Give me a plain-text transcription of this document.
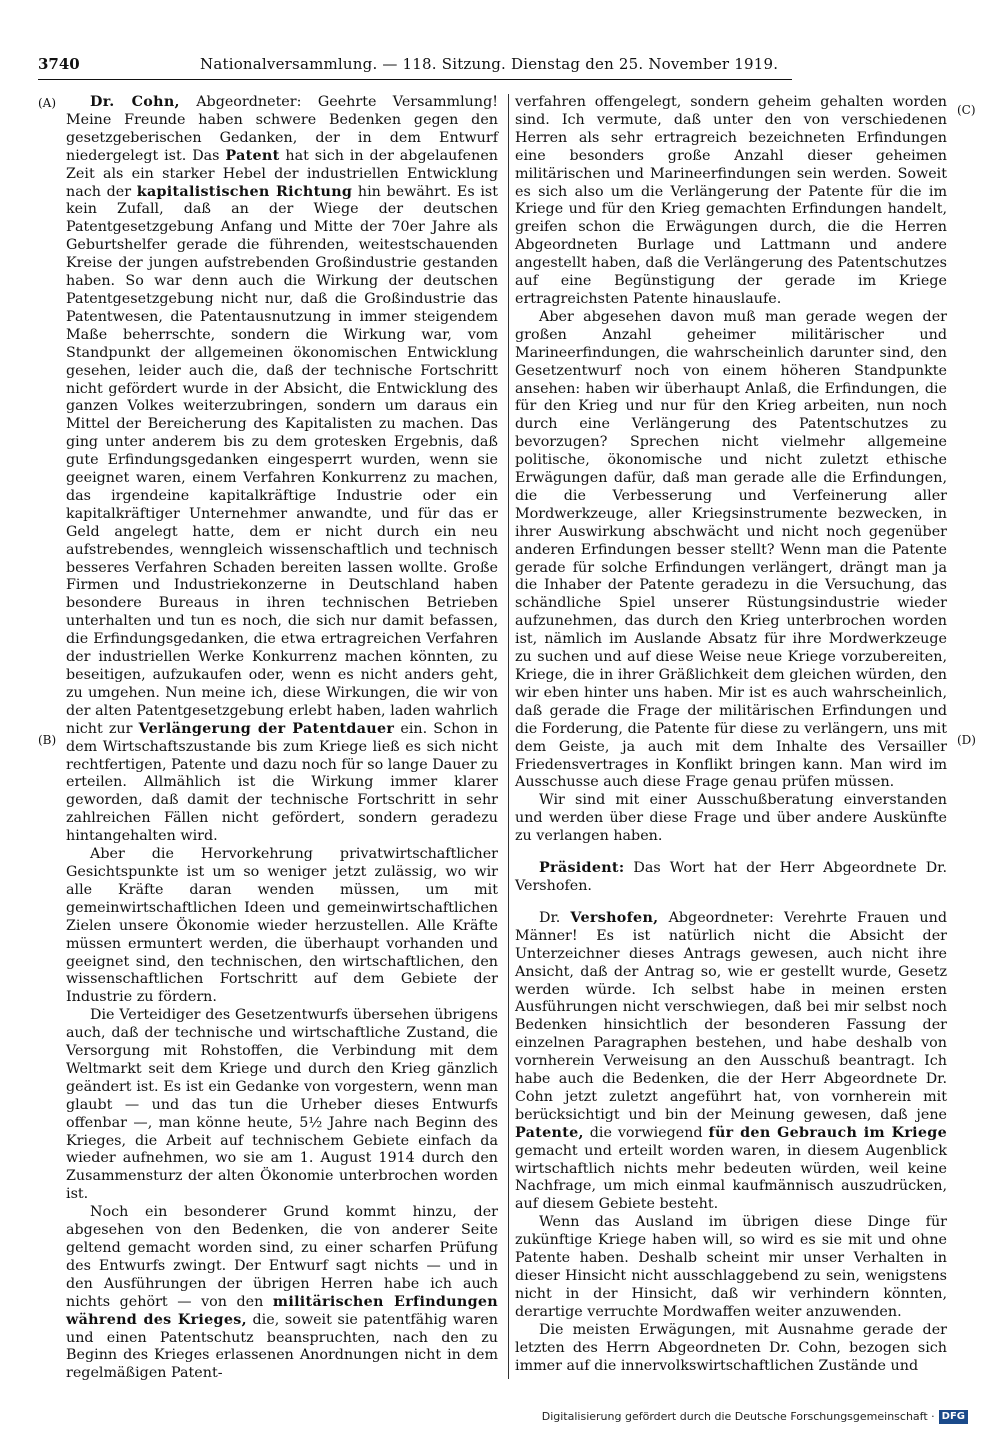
3740	Nationalversammlung. — 118. Sitzung. Dienstag den 25. November 1919.
(A)
(B)
(C)
(D)

Dr. Cohn, Abgeordneter: Geehrte Versammlung! Meine Freunde haben schwere Bedenken gegen den gesetzgeberischen Gedanken, der in dem Entwurf niedergelegt ist. Das Patent hat sich in der abgelaufenen Zeit als ein starker Hebel der industriellen Entwicklung nach der kapitalistischen Richtung hin bewährt. Es ist kein Zufall, daß an der Wiege der deutschen Patentgesetzgebung Anfang und Mitte der 70er Jahre als Geburtshelfer gerade die führenden, weitestschauenden Kreise der jungen aufstrebenden Großindustrie gestanden haben. So war denn auch die Wirkung der deutschen Patentgesetzgebung nicht nur, daß die Großindustrie das Patentwesen, die Patentausnutzung in immer steigendem Maße beherrschte, sondern die Wirkung war, vom Standpunkt der allgemeinen ökonomischen Entwicklung gesehen, leider auch die, daß der technische Fortschritt nicht gefördert wurde in der Absicht, die Entwicklung des ganzen Volkes weiterzubringen, sondern um daraus ein Mittel der Bereicherung des Kapitalisten zu machen. Das ging unter anderem bis zu dem grotesken Ergebnis, daß gute Erfindungsgedanken eingesperrt wurden, wenn sie geeignet waren, einem Verfahren Konkurrenz zu machen, das irgendeine kapitalkräftige Industrie oder ein kapitalkräftiger Unternehmer anwandte, und für das er Geld angelegt hatte, dem er nicht durch ein neu aufstrebendes, wenngleich wissenschaftlich und technisch besseres Verfahren Schaden bereiten lassen wollte. Große Firmen und Industriekonzerne in Deutschland haben besondere Bureaus in ihren technischen Betrieben unterhalten und tun es noch, die sich nur damit befassen, die Erfindungsgedanken, die etwa ertragreichen Verfahren der industriellen Werke Konkurrenz machen könnten, zu beseitigen, aufzukaufen oder, wenn es nicht anders geht, zu umgehen. Nun meine ich, diese Wirkungen, die wir von der alten Patentgesetzgebung erlebt haben, laden wahrlich nicht zur Verlängerung der Patentdauer ein. Schon in dem Wirtschaftszustande bis zum Kriege ließ es sich nicht rechtfertigen, Patente und dazu noch für so lange Dauer zu erteilen. Allmählich ist die Wirkung immer klarer geworden, daß damit der technische Fortschritt in sehr zahlreichen Fällen nicht gefördert, sondern geradezu hintangehalten wird.

Aber die Hervorkehrung privatwirtschaftlicher Gesichtspunkte ist um so weniger jetzt zulässig, wo wir alle Kräfte daran wenden müssen, um mit gemeinwirtschaftlichen Ideen und gemeinwirtschaftlichen Zielen unsere Ökonomie wieder herzustellen. Alle Kräfte müssen ermuntert werden, die überhaupt vorhanden und geeignet sind, den technischen, den wirtschaftlichen, den wissenschaftlichen Fortschritt auf dem Gebiete der Industrie zu fördern.

Die Verteidiger des Gesetzentwurfs übersehen übrigens auch, daß der technische und wirtschaftliche Zustand, die Versorgung mit Rohstoffen, die Verbindung mit dem Weltmarkt seit dem Kriege und durch den Krieg gänzlich geändert ist. Es ist ein Gedanke von vorgestern, wenn man glaubt — und das tun die Urheber dieses Entwurfs offenbar —, man könne heute, 5½ Jahre nach Beginn des Krieges, die Arbeit auf technischem Gebiete einfach da wieder aufnehmen, wo sie am 1. August 1914 durch den Zusammensturz der alten Ökonomie unterbrochen worden ist.

Noch ein besonderer Grund kommt hinzu, der abgesehen von den Bedenken, die von anderer Seite geltend gemacht worden sind, zu einer scharfen Prüfung des Entwurfs zwingt. Der Entwurf sagt nichts — und in den Ausführungen der übrigen Herren habe ich auch nichts gehört — von den militärischen Erfindungen während des Krieges, die, soweit sie patentfähig waren und einen Patentschutz beanspruchten, nach den zu Beginn des Krieges erlassenen Anordnungen nicht in dem regelmäßigen Patent-

verfahren offengelegt, sondern geheim gehalten worden sind. Ich vermute, daß unter den von verschiedenen Herren als sehr ertragreich bezeichneten Erfindungen eine besonders große Anzahl dieser geheimen militärischen und Marineerfindungen sein werden. Soweit es sich also um die Verlängerung der Patente für die im Kriege und für den Krieg gemachten Erfindungen handelt, greifen schon die Erwägungen durch, die die Herren Abgeordneten Burlage und Lattmann und andere angestellt haben, daß die Verlängerung des Patentschutzes auf eine Begünstigung der gerade im Kriege ertragreichsten Patente hinauslaufe.

Aber abgesehen davon muß man gerade wegen der großen Anzahl geheimer militärischer und Marineerfindungen, die wahrscheinlich darunter sind, den Gesetzentwurf noch von einem höheren Standpunkte ansehen: haben wir überhaupt Anlaß, die Erfindungen, die für den Krieg und nur für den Krieg arbeiten, nun noch durch eine Verlängerung des Patentschutzes zu bevorzugen? Sprechen nicht vielmehr allgemeine politische, ökonomische und nicht zuletzt ethische Erwägungen dafür, daß man gerade alle die Erfindungen, die die Verbesserung und Verfeinerung aller Mordwerkzeuge, aller Kriegsinstrumente bezwecken, in ihrer Auswirkung abschwächt und nicht noch gegenüber anderen Erfindungen besser stellt? Wenn man die Patente gerade für solche Erfindungen verlängert, drängt man ja die Inhaber der Patente geradezu in die Versuchung, das schändliche Spiel unserer Rüstungsindustrie wieder aufzunehmen, das durch den Krieg unterbrochen worden ist, nämlich im Auslande Absatz für ihre Mordwerkzeuge zu suchen und auf diese Weise neue Kriege vorzubereiten, Kriege, die in ihrer Gräßlichkeit dem gleichen würden, den wir eben hinter uns haben. Mir ist es auch wahrscheinlich, daß gerade die Frage der militärischen Erfindungen und die Forderung, die Patente für diese zu verlängern, uns mit dem Geiste, ja auch mit dem Inhalte des Versailler Friedensvertrages in Konflikt bringen kann. Man wird im Ausschusse auch diese Frage genau prüfen müssen.

Wir sind mit einer Ausschußberatung einverstanden und werden über diese Frage und über andere Auskünfte zu verlangen haben.

Präsident: Das Wort hat der Herr Abgeordnete Dr. Vershofen.

Dr. Vershofen, Abgeordneter: Verehrte Frauen und Männer! Es ist natürlich nicht die Absicht der Unterzeichner dieses Antrags gewesen, auch nicht ihre Ansicht, daß der Antrag so, wie er gestellt wurde, Gesetz werden würde. Ich selbst habe in meinen ersten Ausführungen nicht verschwiegen, daß bei mir selbst noch Bedenken hinsichtlich der besonderen Fassung der einzelnen Paragraphen bestehen, und habe deshalb von vornherein Verweisung an den Ausschuß beantragt. Ich habe auch die Bedenken, die der Herr Abgeordnete Dr. Cohn jetzt zuletzt angeführt hat, von vornherein mit berücksichtigt und bin der Meinung gewesen, daß jene Patente, die vorwiegend für den Gebrauch im Kriege gemacht und erteilt worden waren, in diesem Augenblick wirtschaftlich nichts mehr bedeuten würden, weil keine Nachfrage, um mich einmal kaufmännisch auszudrücken, auf diesem Gebiete besteht.

Wenn das Ausland im übrigen diese Dinge für zukünftige Kriege haben will, so wird es sie mit und ohne Patente haben. Deshalb scheint mir unser Verhalten in dieser Hinsicht nicht ausschlaggebend zu sein, wenigstens nicht in der Hinsicht, daß wir verhindern könnten, derartige verruchte Mordwaffen weiter anzuwenden.

Die meisten Erwägungen, mit Ausnahme gerade der letzten des Herrn Abgeordneten Dr. Cohn, bezogen sich immer auf die innervolkswirtschaftlichen Zustände und

Digitalisierung gefördert durch die Deutsche Forschungsgemeinschaft · DFG
